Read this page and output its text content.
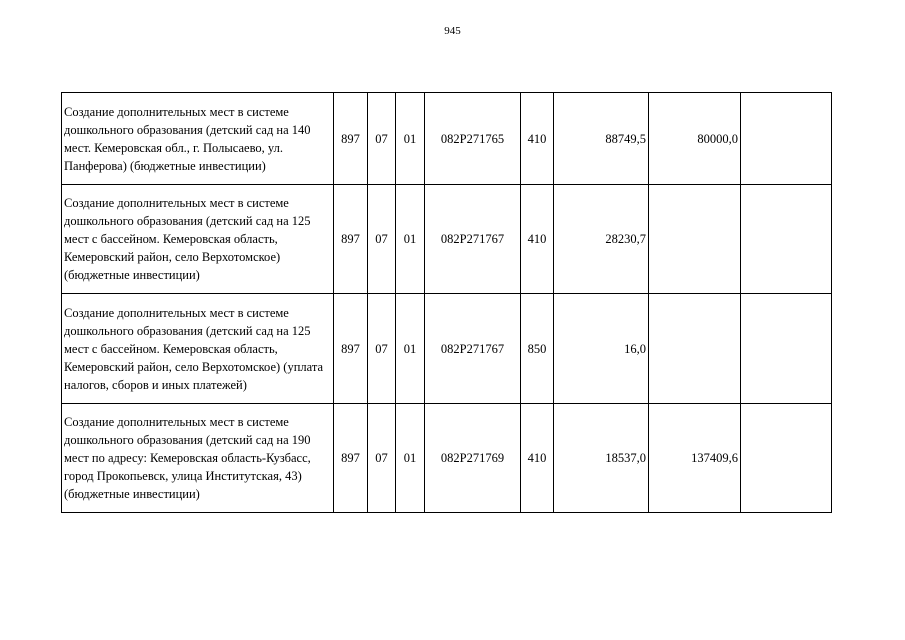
945
Создание дополнительных мест в системе дошкольного образования (детский сад на 140 мест. Кемеровская обл., г. Полысаево, ул. Панферова) (бюджетные инвестиции)	897	07	01	082P271765	410	88749,5	80000,0	
Создание дополнительных мест в системе дошкольного образования (детский сад на 125 мест с бассейном. Кемеровская область, Кемеровский район, село Верхотомское) (бюджетные инвестиции)	897	07	01	082P271767	410	28230,7		
Создание дополнительных мест в системе дошкольного образования (детский сад на 125 мест с бассейном. Кемеровская область, Кемеровский район, село Верхотомское) (уплата налогов, сборов и иных платежей)	897	07	01	082P271767	850	16,0		
Создание дополнительных мест в системе дошкольного образования (детский сад на 190 мест по адресу: Кемеровская область-Кузбасс, город Прокопьевск, улица Институтская, 43) (бюджетные инвестиции)	897	07	01	082P271769	410	18537,0	137409,6	
